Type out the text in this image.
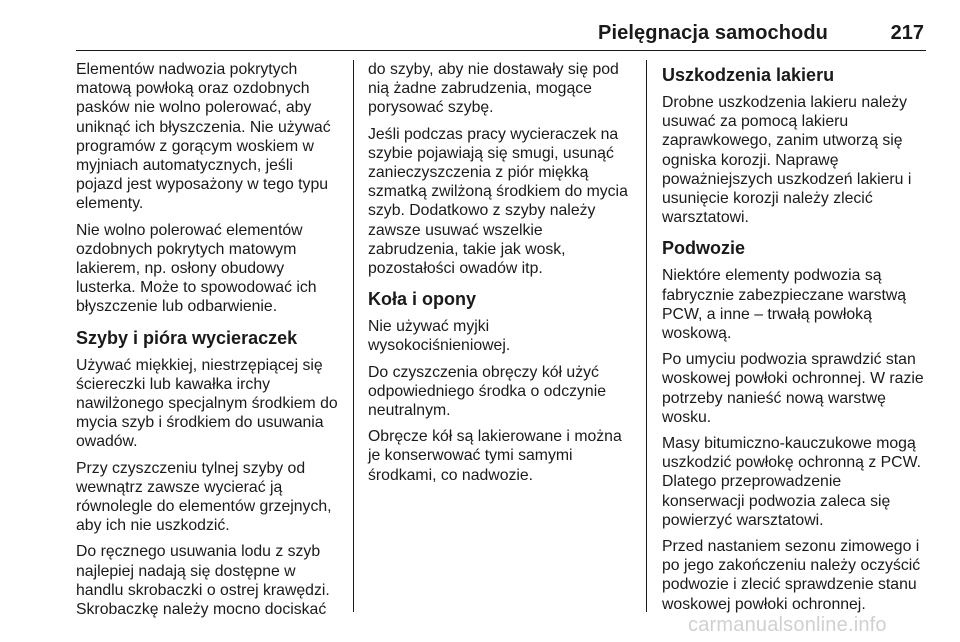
Pielęgnacja samochodu	217

Elementów nadwozia pokrytych
matową powłoką oraz ozdobnych
pasków nie wolno polerować, aby
uniknąć ich błyszczenia. Nie używać
programów z gorącym woskiem w
myjniach automatycznych, jeśli
pojazd jest wyposażony w tego typu
elementy.

Nie wolno polerować elementów
ozdobnych pokrytych matowym
lakierem, np. osłony obudowy
lusterka. Może to spowodować ich
błyszczenie lub odbarwienie.

Szyby i pióra wycieraczek

Używać miękkiej, niestrzępiącej się
ściereczki lub kawałka irchy
nawilżonego specjalnym środkiem do
mycia szyb i środkiem do usuwania
owadów.

Przy czyszczeniu tylnej szyby od
wewnątrz zawsze wycierać ją
równolegle do elementów grzejnych,
aby ich nie uszkodzić.

Do ręcznego usuwania lodu z szyb
najlepiej nadają się dostępne w
handlu skrobaczki o ostrej krawędzi.
Skrobaczkę należy mocno dociskać

do szyby, aby nie dostawały się pod
nią żadne zabrudzenia, mogące
porysować szybę.

Jeśli podczas pracy wycieraczek na
szybie pojawiają się smugi, usunąć
zanieczyszczenia z piór miękką
szmatką zwilżoną środkiem do mycia
szyb. Dodatkowo z szyby należy
zawsze usuwać wszelkie
zabrudzenia, takie jak wosk,
pozostałości owadów itp.

Koła i opony

Nie używać myjki
wysokociśnieniowej.

Do czyszczenia obręczy kół użyć
odpowiedniego środka o odczynie
neutralnym.

Obręcze kół są lakierowane i można
je konserwować tymi samymi
środkami, co nadwozie.

Uszkodzenia lakieru

Drobne uszkodzenia lakieru należy
usuwać za pomocą lakieru
zaprawkowego, zanim utworzą się
ogniska korozji. Naprawę
poważniejszych uszkodzeń lakieru i
usunięcie korozji należy zlecić
warsztatowi.

Podwozie

Niektóre elementy podwozia są
fabrycznie zabezpieczane warstwą
PCW, a inne – trwałą powłoką
woskową.

Po umyciu podwozia sprawdzić stan
woskowej powłoki ochronnej. W razie
potrzeby nanieść nową warstwę
wosku.

Masy bitumiczno-kauczukowe mogą
uszkodzić powłokę ochronną z PCW.
Dlatego przeprowadzenie
konserwacji podwozia zaleca się
powierzyć warsztatowi.

Przed nastaniem sezonu zimowego i
po jego zakończeniu należy oczyścić
podwozie i zlecić sprawdzenie stanu
woskowej powłoki ochronnej.

carmanualsonline.info
